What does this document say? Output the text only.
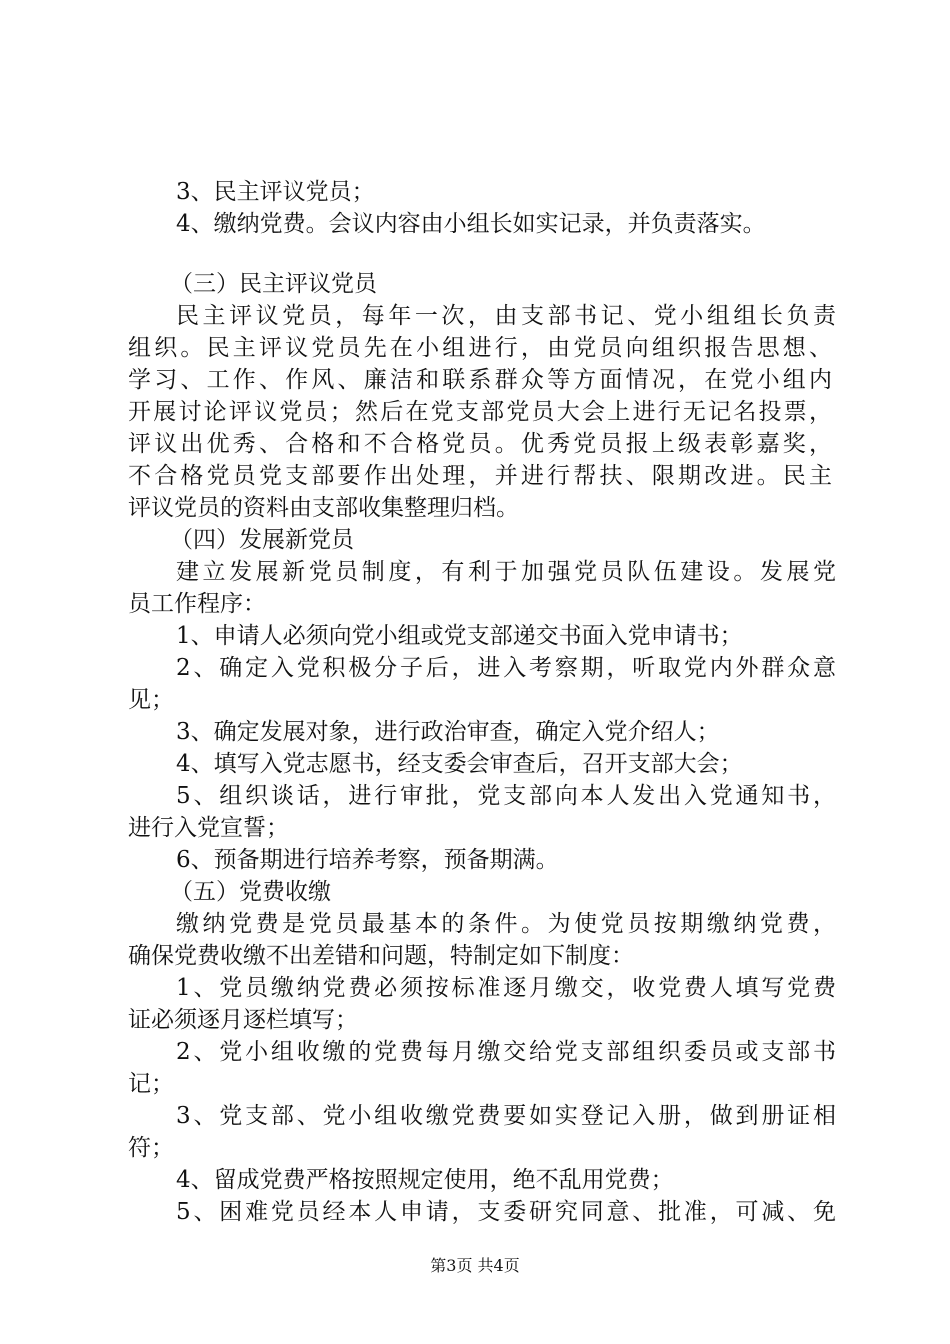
3、民主评议党员；
4、缴纳党费。会议内容由小组长如实记录，并负责落实。
（三）民主评议党员
民主评议党员，每年一次，由支部书记、党小组组长负责
组织。民主评议党员先在小组进行，由党员向组织报告思想、
学习、工作、作风、廉洁和联系群众等方面情况，在党小组内
开展讨论评议党员；然后在党支部党员大会上进行无记名投票，
评议出优秀、合格和不合格党员。优秀党员报上级表彰嘉奖，
不合格党员党支部要作出处理，并进行帮扶、限期改进。民主
评议党员的资料由支部收集整理归档。
（四）发展新党员
建立发展新党员制度，有利于加强党员队伍建设。发展党
员工作程序：
1、申请人必须向党小组或党支部递交书面入党申请书；
2、确定入党积极分子后，进入考察期，听取党内外群众意
见；
3、确定发展对象，进行政治审查，确定入党介绍人；
4、填写入党志愿书，经支委会审查后，召开支部大会；
5、组织谈话，进行审批，党支部向本人发出入党通知书，
进行入党宣誓；
6、预备期进行培养考察，预备期满。
（五）党费收缴
缴纳党费是党员最基本的条件。为使党员按期缴纳党费，
确保党费收缴不出差错和问题，特制定如下制度：
1、党员缴纳党费必须按标准逐月缴交，收党费人填写党费
证必须逐月逐栏填写；
2、党小组收缴的党费每月缴交给党支部组织委员或支部书
记；
3、党支部、党小组收缴党费要如实登记入册，做到册证相
符；
4、留成党费严格按照规定使用，绝不乱用党费；
5、困难党员经本人申请，支委研究同意、批准，可减、免
第3页 共4页
